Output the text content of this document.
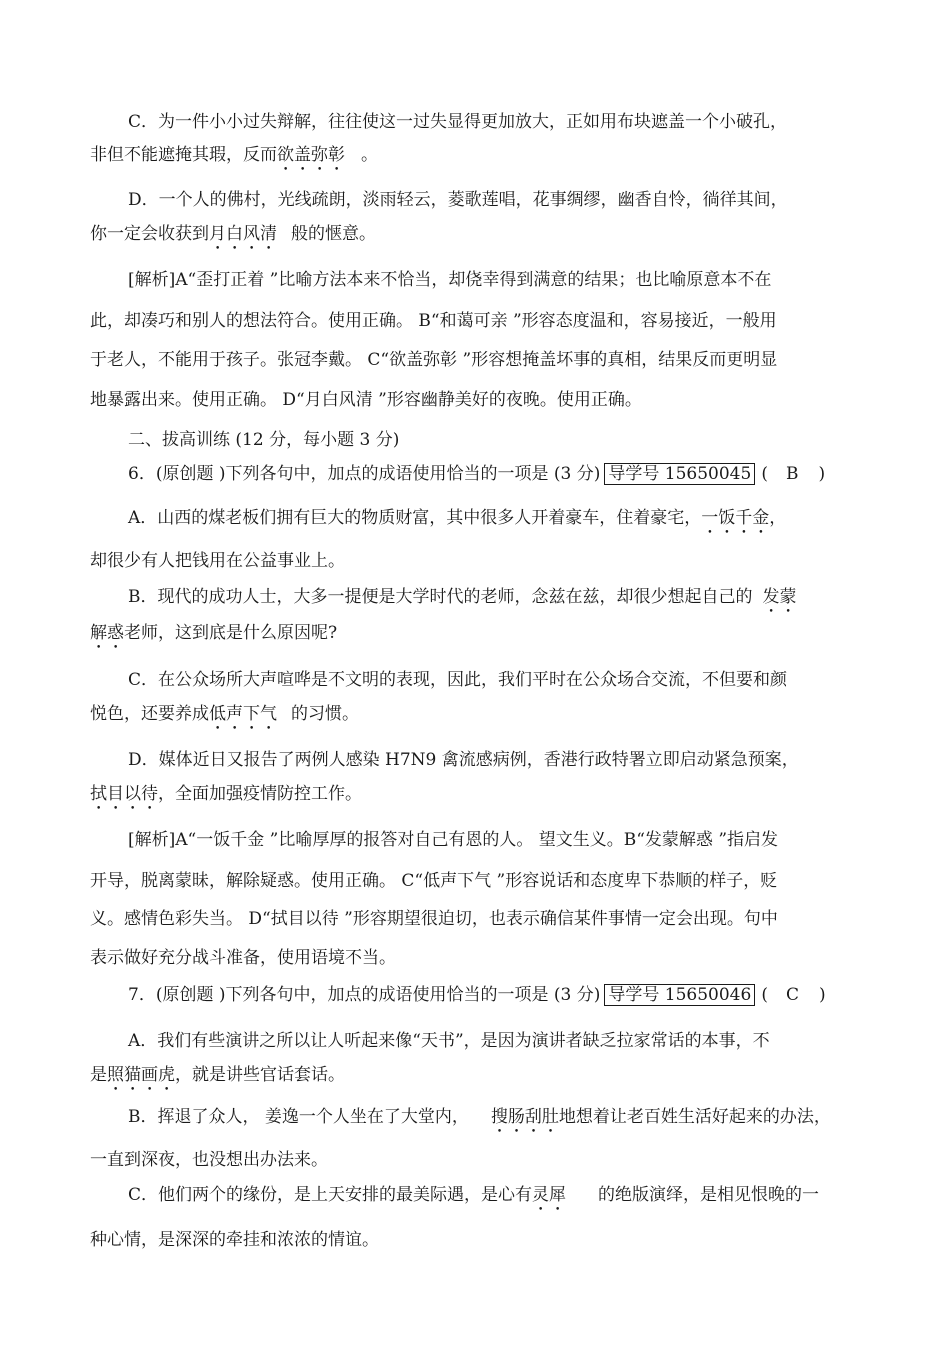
C．为一件小小过失辩解，往往使这一过失显得更加放大，正如用布块遮盖一个小破孔，
非但不能遮掩其瑕，反而欲盖弥彰 。
D．一个人的佛村，光线疏朗，淡雨轻云，菱歌莲唱，花事绸缪，幽香自怜，徜徉其间，
你一定会收获到月白风清 般的惬意。
[解析]A“歪打正着 ”比喻方法本来不恰当，却侥幸得到满意的结果；也比喻原意本不在
此，却凑巧和别人的想法符合。使用正确。 B“和蔼可亲 ”形容态度温和，容易接近，一般用
于老人，不能用于孩子。张冠李戴。 C“欲盖弥彰 ”形容想掩盖坏事的真相，结果反而更明显
地暴露出来。使用正确。 D“月白风清 ”形容幽静美好的夜晚。使用正确。
二、拔高训练 (12 分，每小题 3 分)
6．(原创题 )下列各句中，加点的成语使用恰当的一项是 (3 分) 导学号 15650045 ( B )
A．山西的煤老板们拥有巨大的物质财富，其中很多人开着豪车，住着豪宅，一饭千金，
却很少有人把钱用在公益事业上。
B．现代的成功人士，大多一提便是大学时代的老师，念兹在兹，却很少想起自己的 发蒙
解惑老师，这到底是什么原因呢?
C．在公众场所大声喧哗是不文明的表现，因此，我们平时在公众场合交流，不但要和颜
悦色，还要养成低声下气 的习惯。
D．媒体近日又报告了两例人感染 H7N9 禽流感病例，香港行政特署立即启动紧急预案，
拭目以待，全面加强疫情防控工作。
[解析]A“一饭千金 ”比喻厚厚的报答对自己有恩的人。 望文生义。B“发蒙解惑 ”指启发
开导，脱离蒙昧，解除疑惑。使用正确。 C“低声下气 ”形容说话和态度卑下恭顺的样子，贬
义。感情色彩失当。 D“拭目以待 ”形容期望很迫切，也表示确信某件事情一定会出现。句中
表示做好充分战斗准备，使用语境不当。
7．(原创题 )下列各句中，加点的成语使用恰当的一项是 (3 分) 导学号 15650046 ( C )
A．我们有些演讲之所以让人听起来像“天书”，是因为演讲者缺乏拉家常话的本事，不
是照猫画虎，就是讲些官话套话。
B．挥退了众人， 姜逸一个人坐在了大堂内， 搜肠刮肚地想着让老百姓生活好起来的办法，
一直到深夜，也没想出办法来。
C．他们两个的缘份，是上天安排的最美际遇，是心有灵犀 的绝版演绎，是相见恨晚的一
种心情，是深深的牵挂和浓浓的情谊。
